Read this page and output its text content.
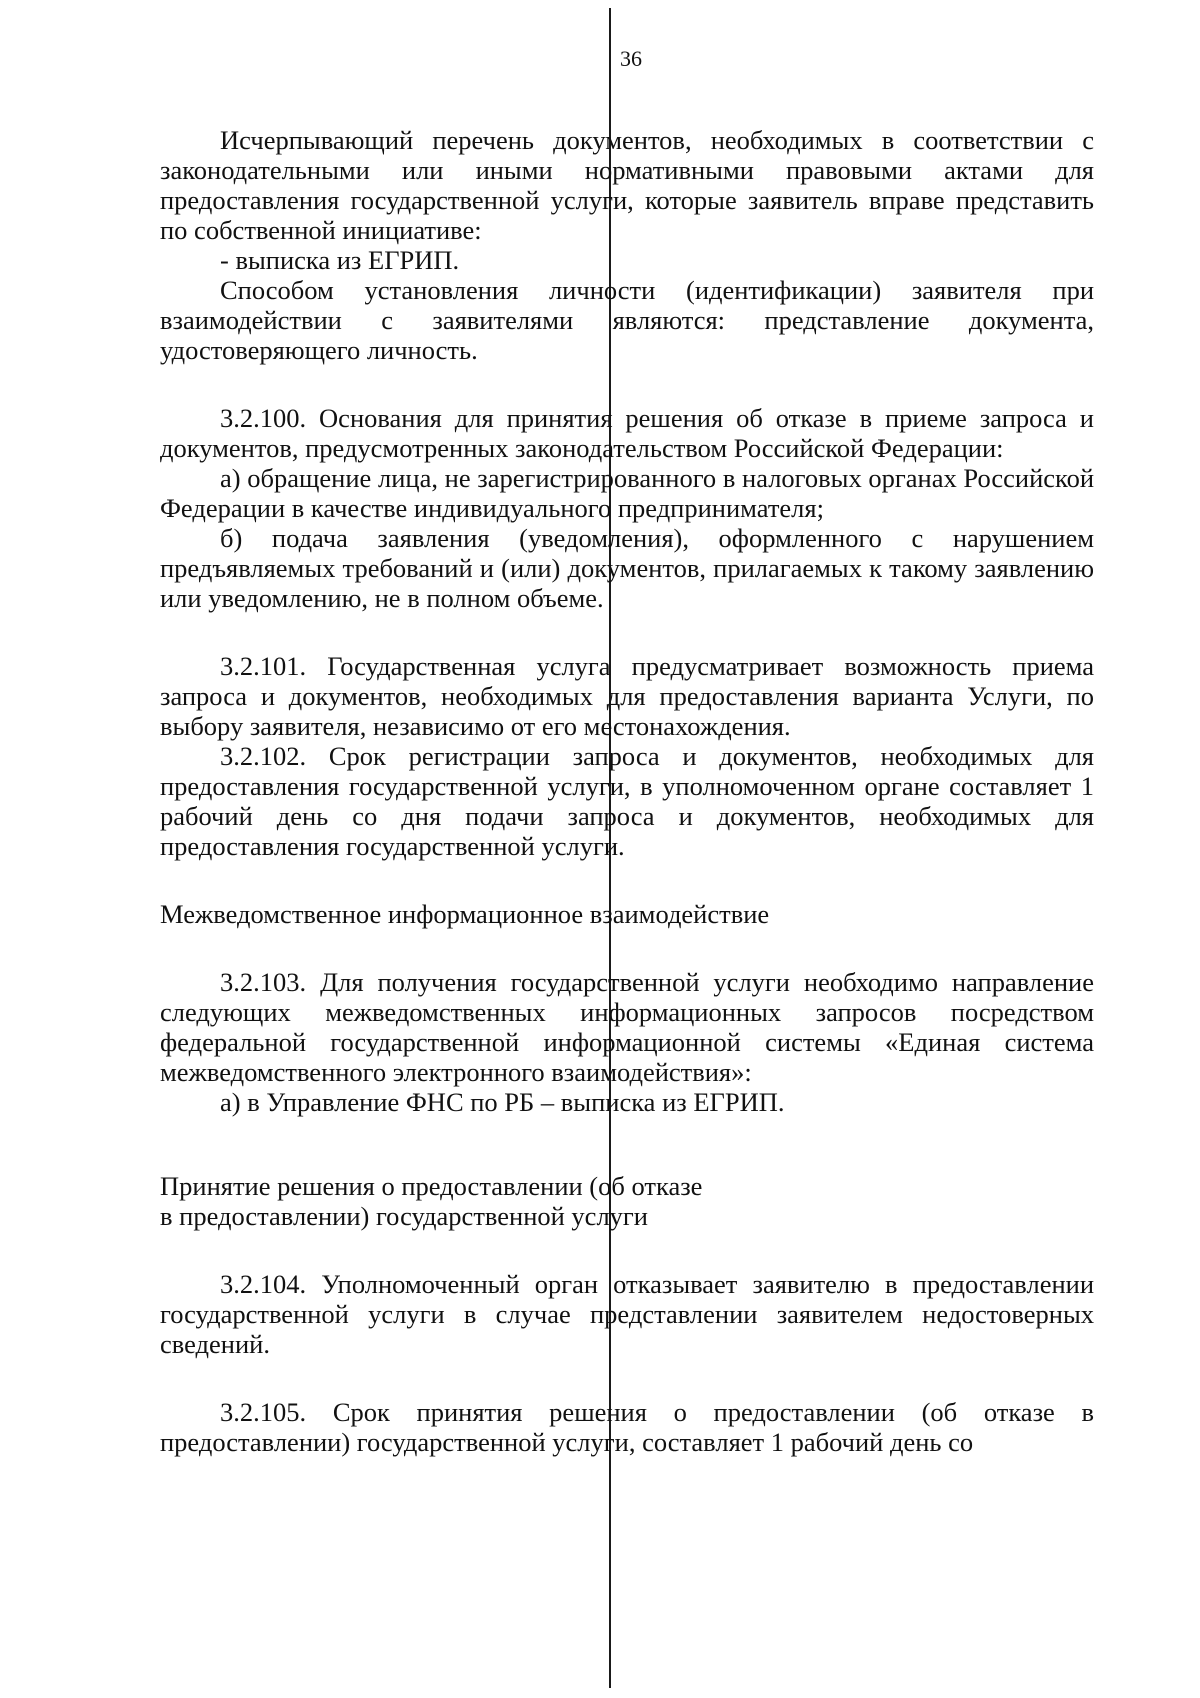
36

Исчерпывающий перечень документов, необходимых в соответствии с законодательными или иными нормативными правовыми актами для предоставления государственной услуги, которые заявитель вправе представить по собственной инициативе:

- выписка из ЕГРИП.

Способом установления личности (идентификации) заявителя при взаимодействии с заявителями являются: представление документа, удостоверяющего личность.

3.2.100. Основания для принятия решения об отказе в приеме запроса и документов, предусмотренных законодательством Российской Федерации:

а) обращение лица, не зарегистрированного в налоговых органах Российской Федерации в качестве индивидуального предпринимателя;

б) подача заявления (уведомления), оформленного с нарушением предъявляемых требований и (или) документов, прилагаемых к такому заявлению или уведомлению, не в полном объеме.

3.2.101. Государственная услуга предусматривает возможность приема запроса и документов, необходимых для предоставления варианта Услуги, по выбору заявителя, независимо от его местонахождения.

3.2.102. Срок регистрации запроса и документов, необходимых для предоставления государственной услуги, в уполномоченном органе составляет 1 рабочий день со дня подачи запроса и документов, необходимых для предоставления государственной услуги.

Межведомственное информационное взаимодействие

3.2.103. Для получения государственной услуги необходимо направление следующих межведомственных информационных запросов посредством федеральной государственной информационной системы «Единая система межведомственного электронного взаимодействия»:

а) в Управление ФНС по РБ – выписка из ЕГРИП.

Принятие решения о предоставлении (об отказе

в предоставлении) государственной услуги

3.2.104. Уполномоченный орган отказывает заявителю в предоставлении государственной услуги в случае представлении заявителем недостоверных сведений.

3.2.105. Срок принятия решения о предоставлении (об отказе в предоставлении) государственной услуги, составляет 1 рабочий день со
